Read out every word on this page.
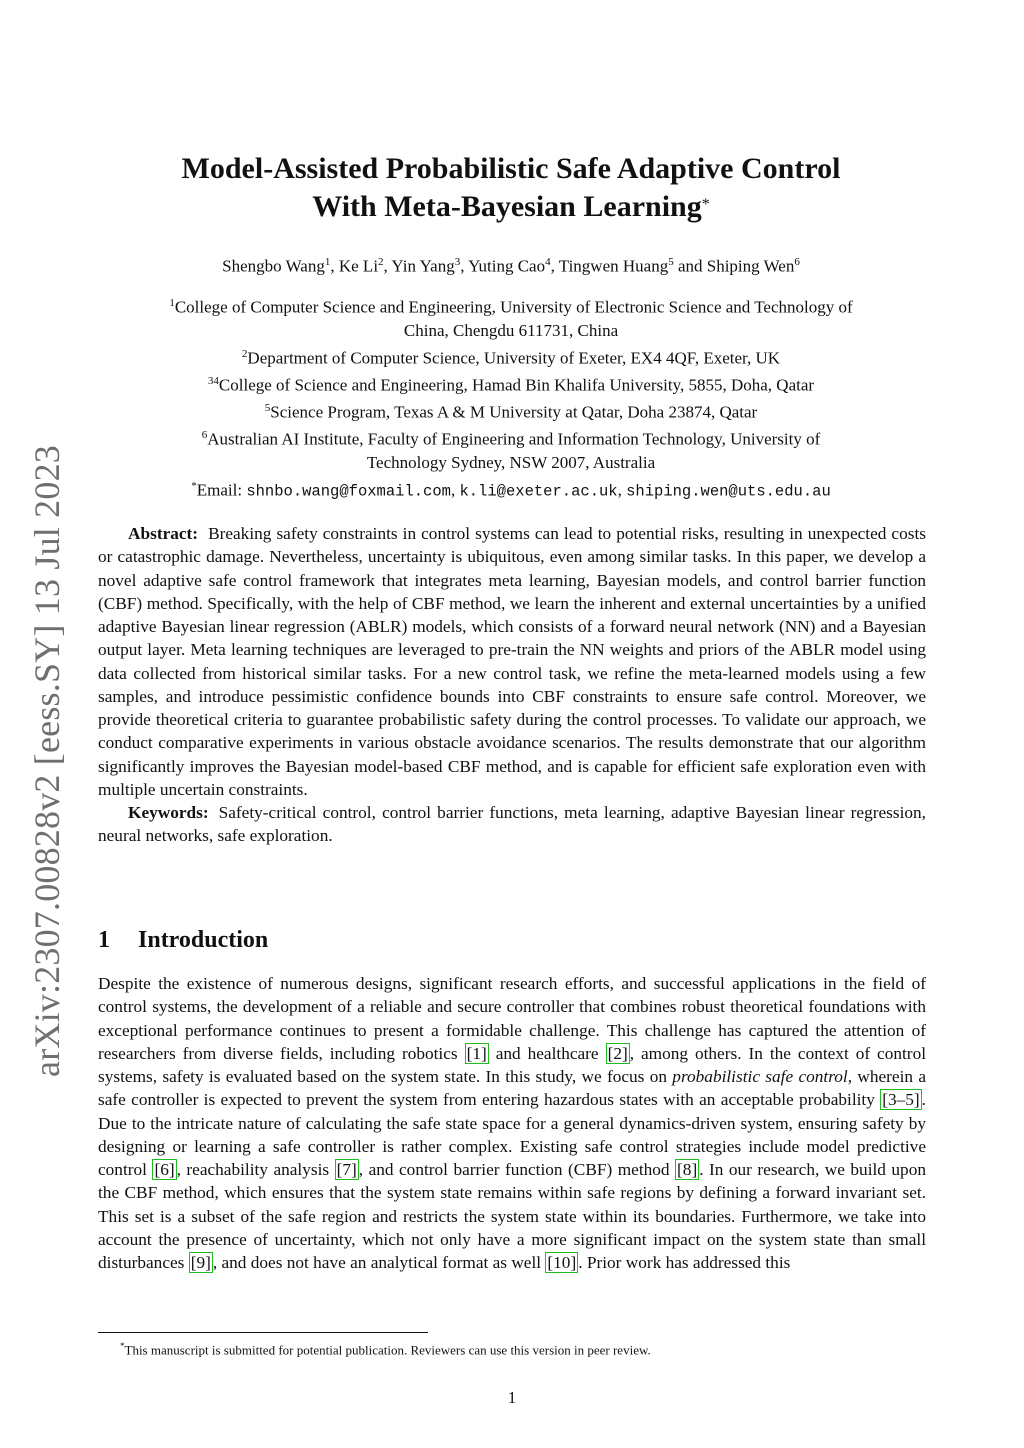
arXiv:2307.00828v2 [eess.SY] 13 Jul 2023
Model-Assisted Probabilistic Safe Adaptive Control
With Meta-Bayesian Learning*
Shengbo Wang$^1$, Ke Li$^2$, Yin Yang$^3$, Yuting Cao$^4$, Tingwen Huang$^5$ and Shiping Wen$^6$
$^1$College of Computer Science and Engineering, University of Electronic Science and Technology of
China, Chengdu 611731, China
$^2$Department of Computer Science, University of Exeter, EX4 4QF, Exeter, UK
$^{34}$College of Science and Engineering, Hamad Bin Khalifa University, 5855, Doha, Qatar
$^5$Science Program, Texas A & M University at Qatar, Doha 23874, Qatar
$^6$Australian AI Institute, Faculty of Engineering and Information Technology, University of
Technology Sydney, NSW 2007, Australia
*Email: shnbo.wang@foxmail.com, k.li@exeter.ac.uk, shiping.wen@uts.edu.au

Abstract: Breaking safety constraints in control systems can lead to potential risks, resulting in unexpected costs or catastrophic damage. Nevertheless, uncertainty is ubiquitous, even among similar tasks. In this paper, we develop a novel adaptive safe control framework that integrates meta learning, Bayesian models, and control barrier function (CBF) method. Specifically, with the help of CBF method, we learn the inherent and external uncertainties by a unified adaptive Bayesian linear regression (ABLR) models, which consists of a forward neural network (NN) and a Bayesian output layer. Meta learning techniques are leveraged to pre-train the NN weights and priors of the ABLR model using data collected from historical similar tasks. For a new control task, we refine the meta-learned models using a few samples, and introduce pessimistic confidence bounds into CBF constraints to ensure safe control. Moreover, we provide theoretical criteria to guarantee probabilistic safety during the control processes. To validate our approach, we conduct comparative experiments in various obstacle avoidance scenarios. The results demonstrate that our algorithm significantly improves the Bayesian model-based CBF method, and is capable for efficient safe exploration even with multiple uncertain constraints.

Keywords: Safety-critical control, control barrier functions, meta learning, adaptive Bayesian linear regression, neural networks, safe exploration.

1 Introduction

Despite the existence of numerous designs, significant research efforts, and successful applications in the field of control systems, the development of a reliable and secure controller that combines robust theoretical foundations with exceptional performance continues to present a formidable challenge. This challenge has captured the attention of researchers from diverse fields, including robotics [1] and healthcare [2] , among others. In the context of control systems, safety is evaluated based on the system state. In this study, we focus on probabilistic safe control, wherein a safe controller is expected to prevent the system from entering hazardous states with an acceptable probability [3–5] . Due to the intricate nature of calculating the safe state space for a general dynamics-driven system, ensuring safety by designing or learning a safe controller is rather complex. Existing safe control strategies include model predictive control [6] , reachability analysis [7] , and control barrier function (CBF) method [8] . In our research, we build upon the CBF method, which ensures that the system state remains within safe regions by defining a forward invariant set. This set is a subset of the safe region and restricts the system state within its boundaries. Furthermore, we take into account the presence of uncertainty, which not only have a more significant impact on the system state than small disturbances [9] , and does not have an analytical format as well [10] . Prior work has addressed this

*This manuscript is submitted for potential publication. Reviewers can use this version in peer review.
1
